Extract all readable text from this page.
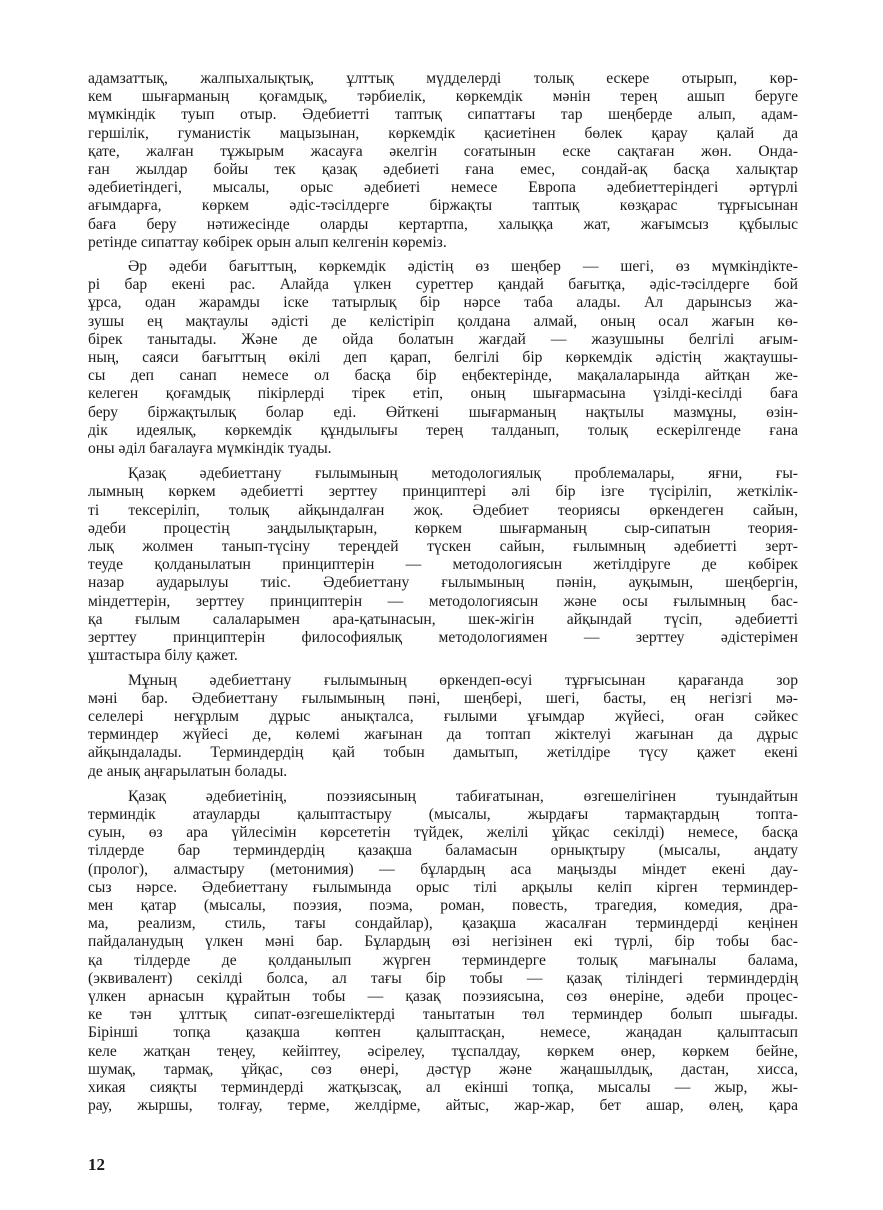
адамзаттық, жалпыхалықтық, ұлттық мүдделерді толық ескере отырып, көр-
кем шығарманың қоғамдық, тәрбиелік, көркемдік мәнін терең ашып беруге
мүмкіндік туып отыр. Әдебиетті таптық сипаттағы тар шеңберде алып, адам-
гершілік, гуманистік мацызынан, көркемдік қасиетінен бөлек қарау қалай да
қате, жалған тұжырым жасауға әкелгін соғатынын еске сақтаған жөн. Онда-
ған жылдар бойы тек қазақ әдебиеті ғана емес, сондай-ақ басқа халықтар
әдебиетіндегі, мысалы, орыс әдебиеті немесе Европа әдебиеттеріндегі әртүрлі
ағымдарға, көркем әдіс-тәсілдерге біржақты таптық көзқарас тұрғысынан
баға беру нәтижесінде оларды кертартпа, халыққа жат, жағымсыз құбылыс
ретінде сипаттау көбірек орын алып келгенін көреміз.

Әр әдеби бағыттың, көркемдік әдістің өз шеңбер — шегі, өз мүмкіндікте-
рі бар екені рас. Алайда үлкен суреттер қандай бағытқа, әдіс-тәсілдерге бой
ұрса, одан жарамды іске татырлық бір нәрсе таба алады. Ал дарынсыз жа-
зушы ең мақтаулы әдісті де келістіріп қолдана алмай, оның осал жағын кө-
бірек танытады. Және де ойда болатын жағдай — жазушыны белгілі ағым-
ның, саяси бағыттың өкілі деп қарап, белгілі бір көркемдік әдістің жақтаушы-
сы деп санап немесе ол басқа бір еңбектерінде, мақалаларында айтқан же-
келеген қоғамдық пікірлерді тірек етіп, оның шығармасына үзілді-кесілді баға
беру біржақтылық болар еді. Өйткені шығарманың нақтылы мазмұны, өзін-
дік идеялық, көркемдік құндылығы терең талданып, толық ескерілгенде ғана
оны әділ бағалауға мүмкіндік туады.

Қазақ әдебиеттану ғылымының методологиялық проблемалары, яғни, ғы-
лымның көркем әдебиетті зерттеу принциптері әлі бір ізге түсіріліп, жеткілік-
ті тексеріліп, толық айқындалған жоқ. Әдебиет теориясы өркендеген сайын,
әдеби процестің заңдылықтарын, көркем шығарманың сыр-сипатын теория-
лық жолмен танып-түсіну тереңдей түскен сайын, ғылымның әдебиетті зерт-
теуде қолданылатын принциптерін — методологиясын жетілдіруге де көбірек
назар аударылуы тиіс. Әдебиеттану ғылымының пәнін, ауқымын, шеңбергін,
міндеттерін, зерттеу принциптерін — методологиясын және осы ғылымның бас-
қа ғылым салаларымен ара-қатынасын, шек-жігін айқындай түсіп, әдебиетті
зерттеу принциптерін философиялық методологиямен — зерттеу әдістерімен
ұштастыра білу қажет.

Мұның әдебиеттану ғылымының өркендеп-өсуі тұрғысынан қарағанда зор
мәні бар. Әдебиеттану ғылымының пәні, шеңбері, шегі, басты, ең негізгі мә-
селелері неғұрлым дұрыс анықталса, ғылыми ұғымдар жүйесі, оған сәйкес
терминдер жүйесі де, көлемі жағынан да топтап жіктелуі жағынан да дұрыс
айқындалады. Терминдердің қай тобын дамытып, жетілдіре түсу қажет екені
де анық аңғарылатын болады.

Қазақ әдебиетінің, поэзиясының табиғатынан, өзгешелігінен туындайтын
терминдік атауларды қалыптастыру (мысалы, жырдағы тармақтардың топта-
суын, өз ара үйлесімін көрсететін түйдек, желілі ұйқас секілді) немесе, басқа
тілдерде бар терминдердің қазақша баламасын орнықтыру (мысалы, аңдату
(пролог), алмастыру (метонимия) — бұлардың аса маңызды міндет екені дау-
сыз нәрсе. Әдебиеттану ғылымында орыс тілі арқылы келіп кірген терминдер-
мен қатар (мысалы, поэзия, поэма, роман, повесть, трагедия, комедия, дра-
ма, реализм, стиль, тағы сондайлар), қазақша жасалған терминдерді кеңінен
пайдаланудың үлкен мәні бар. Бұлардың өзі негізінен екі түрлі, бір тобы бас-
қа тілдерде де қолданылып жүрген терминдерге толық мағыналы балама,
(эквивалент) секілді болса, ал тағы бір тобы — қазақ тіліндегі терминдердің
үлкен арнасын құрайтын тобы — қазақ поэзиясына, сөз өнеріне, әдеби процес-
ке тән ұлттық сипат-өзгешеліктерді танытатын төл терминдер болып шығады.
Бірінші топқа қазақша көптен қалыптасқан, немесе, жаңадан қалыптасып
келе жатқан теңеу, кейіптеу, әсірелеу, тұспалдау, көркем өнер, көркем бейне,
шумақ, тармақ, ұйқас, сөз өнері, дәстүр және жаңашылдық, дастан, хисса,
хикая сияқты терминдерді жатқызсақ, ал екінші топқа, мысалы — жыр, жы-
рау, жыршы, толғау, терме, желдірме, айтыс, жар-жар, бет ашар, өлең, қара

12
